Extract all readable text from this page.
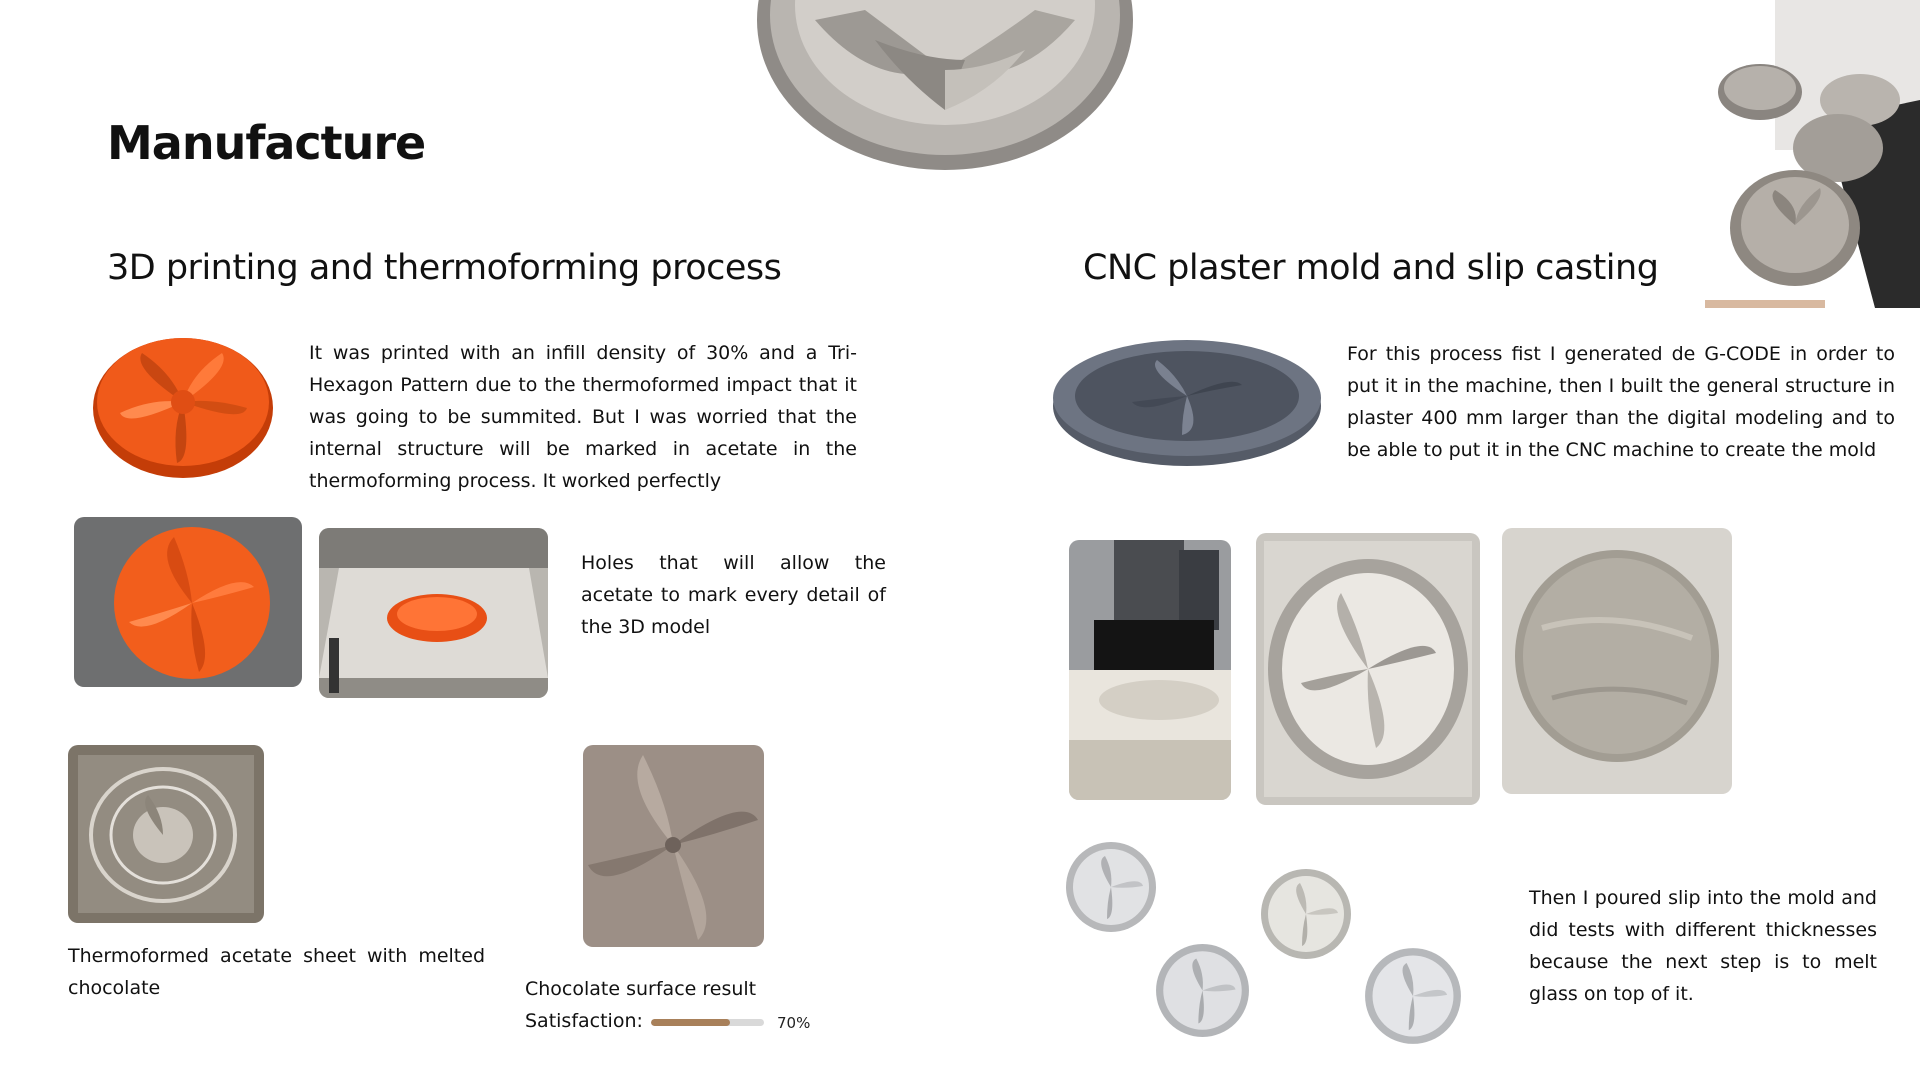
Manufacture
3D printing and thermoforming process	CNC plaster mold and slip casting
It was printed with an infill density of 30% and a Tri-Hexagon Pattern due to the thermoformed impact that it was going to be summited. But I was worried that the internal structure will be marked in acetate in the thermoforming process. It worked perfectly
Holes that will allow the acetate to mark every detail of the 3D model
Thermoformed acetate sheet with melted chocolate	Chocolate surface result
Satisfaction:	70%
For this process fist I generated de G-CODE in order to put it in the machine, then I built the general structure in plaster 400 mm larger than the digital modeling and to be able to put it in the CNC machine to create the mold
Then I poured slip into the mold and did tests with different thicknesses because the next step is to melt glass on top of it.
